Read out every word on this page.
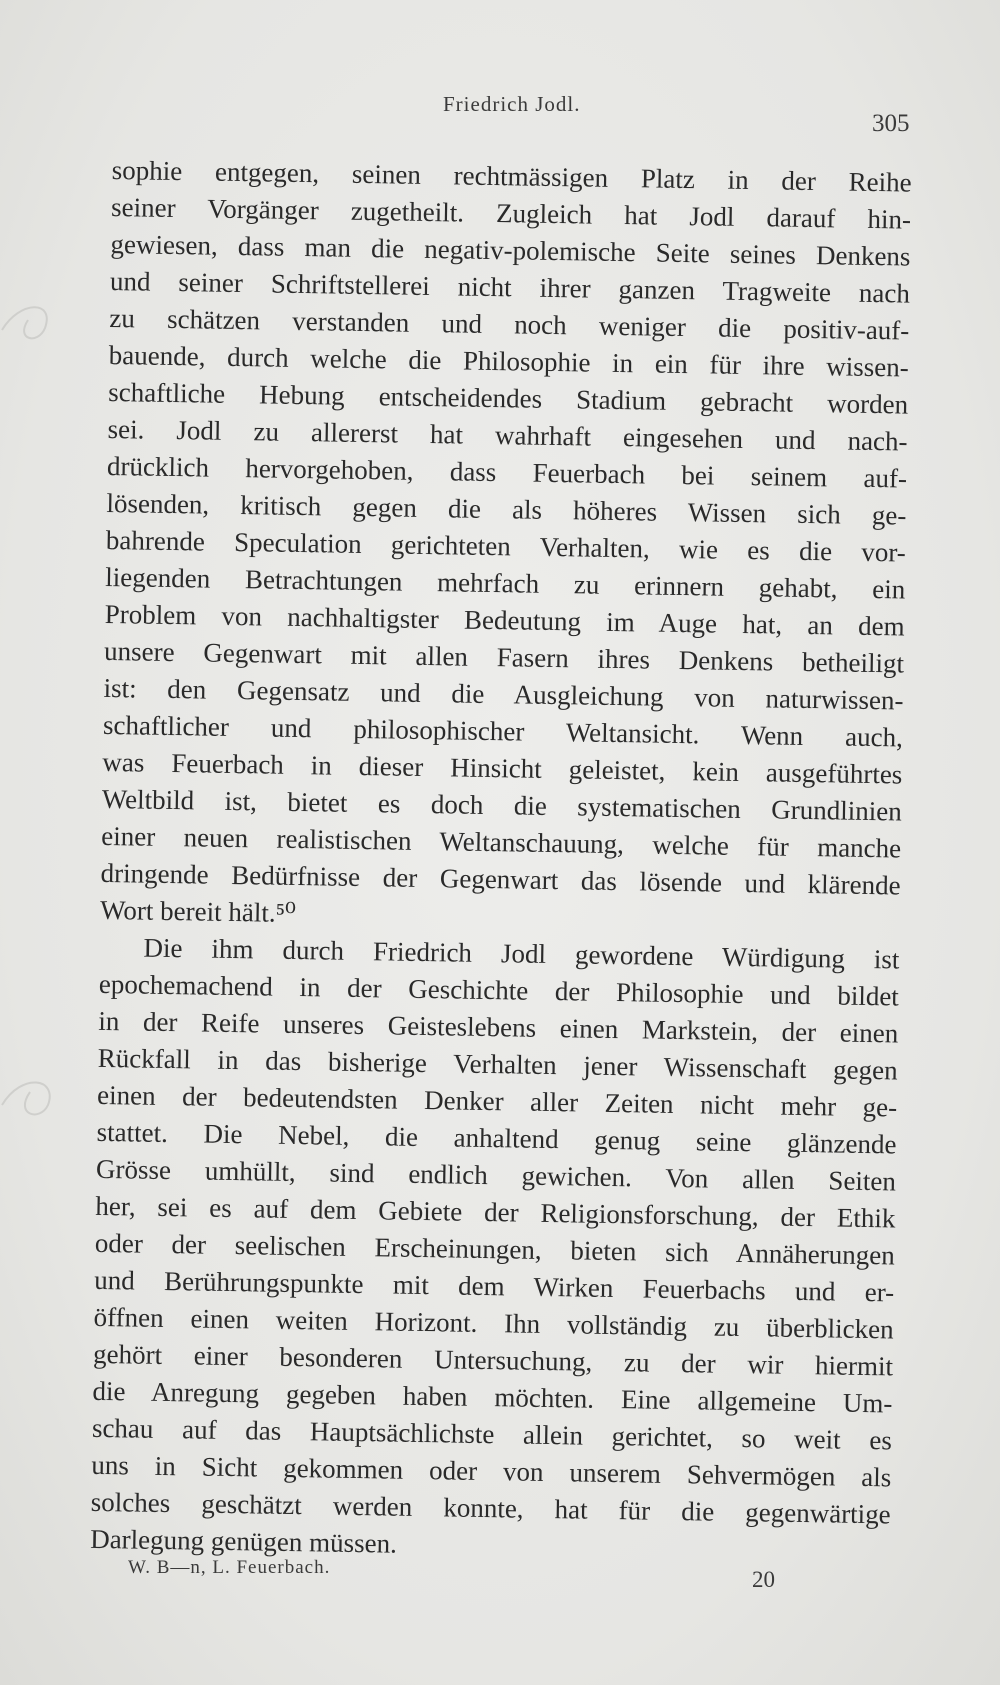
Friedrich Jodl.
305
sophie entgegen, seinen rechtmässigen Platz in der Reihe
seiner Vorgänger zugetheilt. Zugleich hat Jodl darauf hin-
gewiesen, dass man die negativ-polemische Seite seines Denkens
und seiner Schriftstellerei nicht ihrer ganzen Tragweite nach
zu schätzen verstanden und noch weniger die positiv-auf-
bauende, durch welche die Philosophie in ein für ihre wissen-
schaftliche Hebung entscheidendes Stadium gebracht worden
sei. Jodl zu allererst hat wahrhaft eingesehen und nach-
drücklich hervorgehoben, dass Feuerbach bei seinem auf-
lösenden, kritisch gegen die als höheres Wissen sich ge-
bahrende Speculation gerichteten Verhalten, wie es die vor-
liegenden Betrachtungen mehrfach zu erinnern gehabt, ein
Problem von nachhaltigster Bedeutung im Auge hat, an dem
unsere Gegenwart mit allen Fasern ihres Denkens betheiligt
ist: den Gegensatz und die Ausgleichung von naturwissen-
schaftlicher und philosophischer Weltansicht. Wenn auch,
was Feuerbach in dieser Hinsicht geleistet, kein ausgeführtes
Weltbild ist, bietet es doch die systematischen Grundlinien
einer neuen realistischen Weltanschauung, welche für manche
dringende Bedürfnisse der Gegenwart das lösende und klärende
Wort bereit hält.⁵⁰
Die ihm durch Friedrich Jodl gewordene Würdigung ist
epochemachend in der Geschichte der Philosophie und bildet
in der Reife unseres Geisteslebens einen Markstein, der einen
Rückfall in das bisherige Verhalten jener Wissenschaft gegen
einen der bedeutendsten Denker aller Zeiten nicht mehr ge-
stattet. Die Nebel, die anhaltend genug seine glänzende
Grösse umhüllt, sind endlich gewichen. Von allen Seiten
her, sei es auf dem Gebiete der Religionsforschung, der Ethik
oder der seelischen Erscheinungen, bieten sich Annäherungen
und Berührungspunkte mit dem Wirken Feuerbachs und er-
öffnen einen weiten Horizont. Ihn vollständig zu überblicken
gehört einer besonderen Untersuchung, zu der wir hiermit
die Anregung gegeben haben möchten. Eine allgemeine Um-
schau auf das Hauptsächlichste allein gerichtet, so weit es
uns in Sicht gekommen oder von unserem Sehvermögen als
solches geschätzt werden konnte, hat für die gegenwärtige
Darlegung genügen müssen.
W. B—n, L. Feuerbach.	20
